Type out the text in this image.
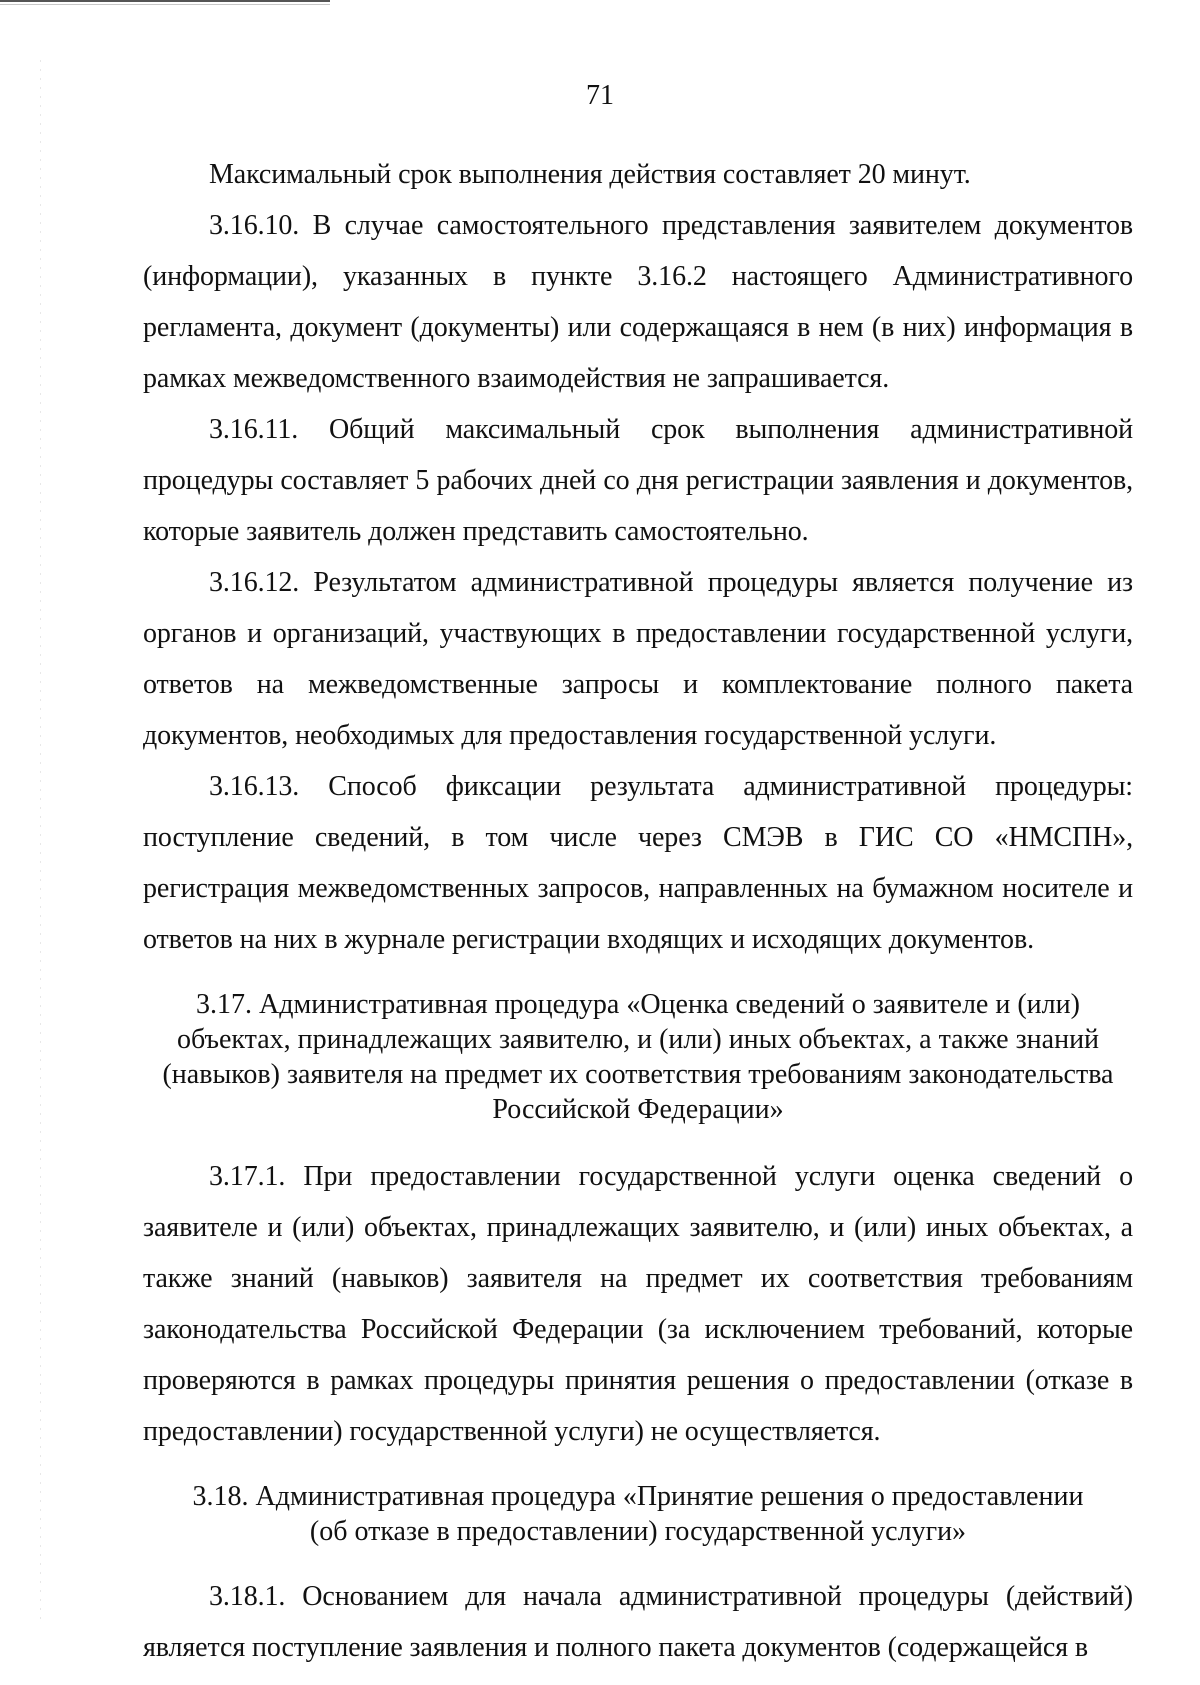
71

Максимальный срок выполнения действия составляет 20 минут.

3.16.10. В случае самостоятельного представления заявителем документов (информации), указанных в пункте 3.16.2 настоящего Административного регламента, документ (документы) или содержащаяся в нем (в них) информация в рамках межведомственного взаимодействия не запрашивается.

3.16.11. Общий максимальный срок выполнения административной процедуры составляет 5 рабочих дней со дня регистрации заявления и документов, которые заявитель должен представить самостоятельно.

3.16.12. Результатом административной процедуры является получение из органов и организаций, участвующих в предоставлении государственной услуги, ответов на межведомственные запросы и комплектование полного пакета документов, необходимых для предоставления государственной услуги.

3.16.13. Способ фиксации результата административной процедуры: поступление сведений, в том числе через СМЭВ в ГИС СО «НМСПН», регистрация межведомственных запросов, направленных на бумажном носителе и ответов на них в журнале регистрации входящих и исходящих документов.

3.17. Административная процедура «Оценка сведений о заявителе и (или)
объектах, принадлежащих заявителю, и (или) иных объектах, а также знаний
(навыков) заявителя на предмет их соответствия требованиям законодательства
Российской Федерации»

3.17.1. При предоставлении государственной услуги оценка сведений о заявителе и (или) объектах, принадлежащих заявителю, и (или) иных объектах, а также знаний (навыков) заявителя на предмет их соответствия требованиям законодательства Российской Федерации (за исключением требований, которые проверяются в рамках процедуры принятия решения о предоставлении (отказе в предоставлении) государственной услуги) не осуществляется.

3.18. Административная процедура «Принятие решения о предоставлении
(об отказе в предоставлении) государственной услуги»

3.18.1. Основанием для начала административной процедуры (действий) является поступление заявления и полного пакета документов (содержащейся в
